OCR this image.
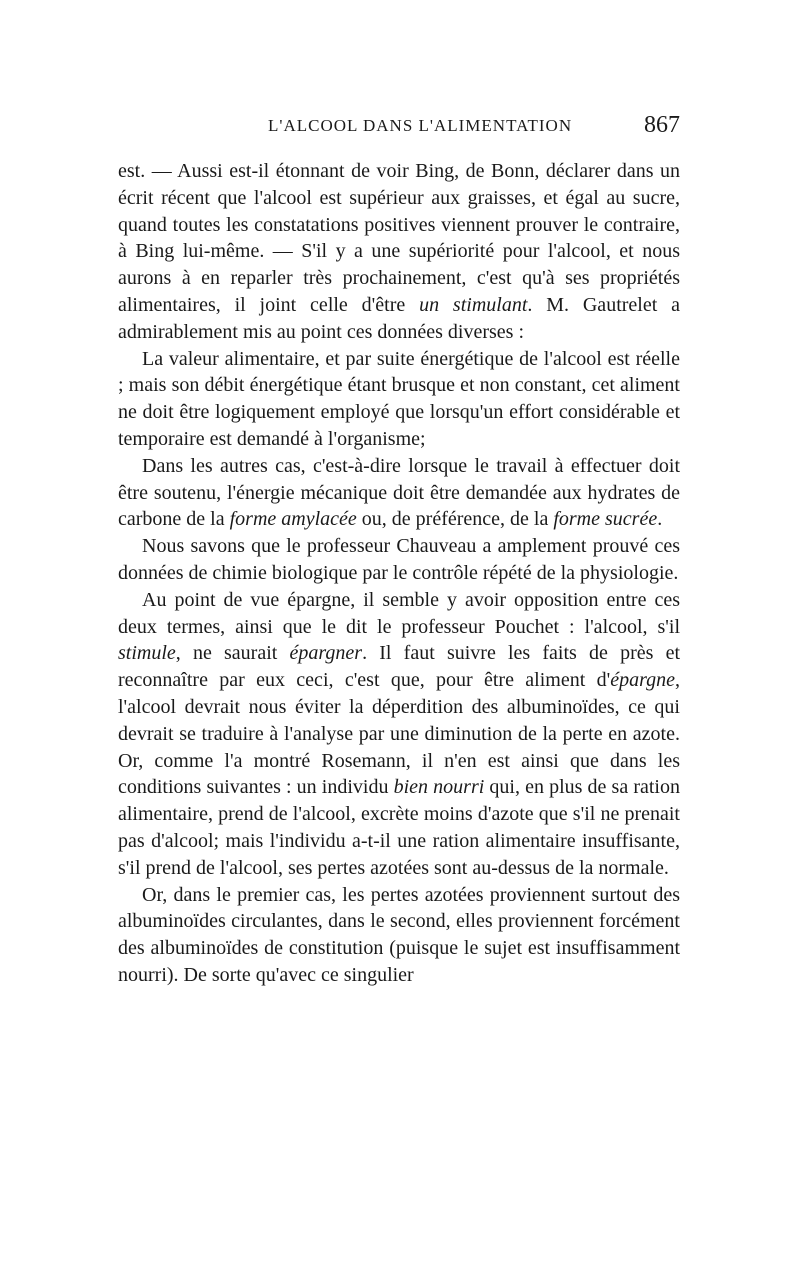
L'ALCOOL DANS L'ALIMENTATION	867

est. — Aussi est-il étonnant de voir Bing, de Bonn, déclarer dans un écrit récent que l'alcool est supérieur aux graisses, et égal au sucre, quand toutes les constatations positives viennent prouver le contraire, à Bing lui-même. — S'il y a une supériorité pour l'alcool, et nous aurons à en reparler très prochainement, c'est qu'à ses propriétés alimentaires, il joint celle d'être un stimulant. M. Gautrelet a admirablement mis au point ces données diverses :

La valeur alimentaire, et par suite énergétique de l'alcool est réelle ; mais son débit énergétique étant brusque et non constant, cet aliment ne doit être logiquement employé que lorsqu'un effort considérable et temporaire est demandé à l'organisme;

Dans les autres cas, c'est-à-dire lorsque le travail à effectuer doit être soutenu, l'énergie mécanique doit être demandée aux hydrates de carbone de la forme amylacée ou, de préférence, de la forme sucrée.

Nous savons que le professeur Chauveau a amplement prouvé ces données de chimie biologique par le contrôle répété de la physiologie.

Au point de vue épargne, il semble y avoir opposition entre ces deux termes, ainsi que le dit le professeur Pouchet : l'alcool, s'il stimule, ne saurait épargner. Il faut suivre les faits de près et reconnaître par eux ceci, c'est que, pour être aliment d'épargne, l'alcool devrait nous éviter la déperdition des albuminoïdes, ce qui devrait se traduire à l'analyse par une diminution de la perte en azote. Or, comme l'a montré Rosemann, il n'en est ainsi que dans les conditions suivantes : un individu bien nourri qui, en plus de sa ration alimentaire, prend de l'alcool, excrète moins d'azote que s'il ne prenait pas d'alcool; mais l'individu a-t-il une ration alimentaire insuffisante, s'il prend de l'alcool, ses pertes azotées sont au-dessus de la normale.

Or, dans le premier cas, les pertes azotées proviennent surtout des albuminoïdes circulantes, dans le second, elles proviennent forcément des albuminoïdes de constitution (puisque le sujet est insuffisamment nourri). De sorte qu'avec ce singulier
